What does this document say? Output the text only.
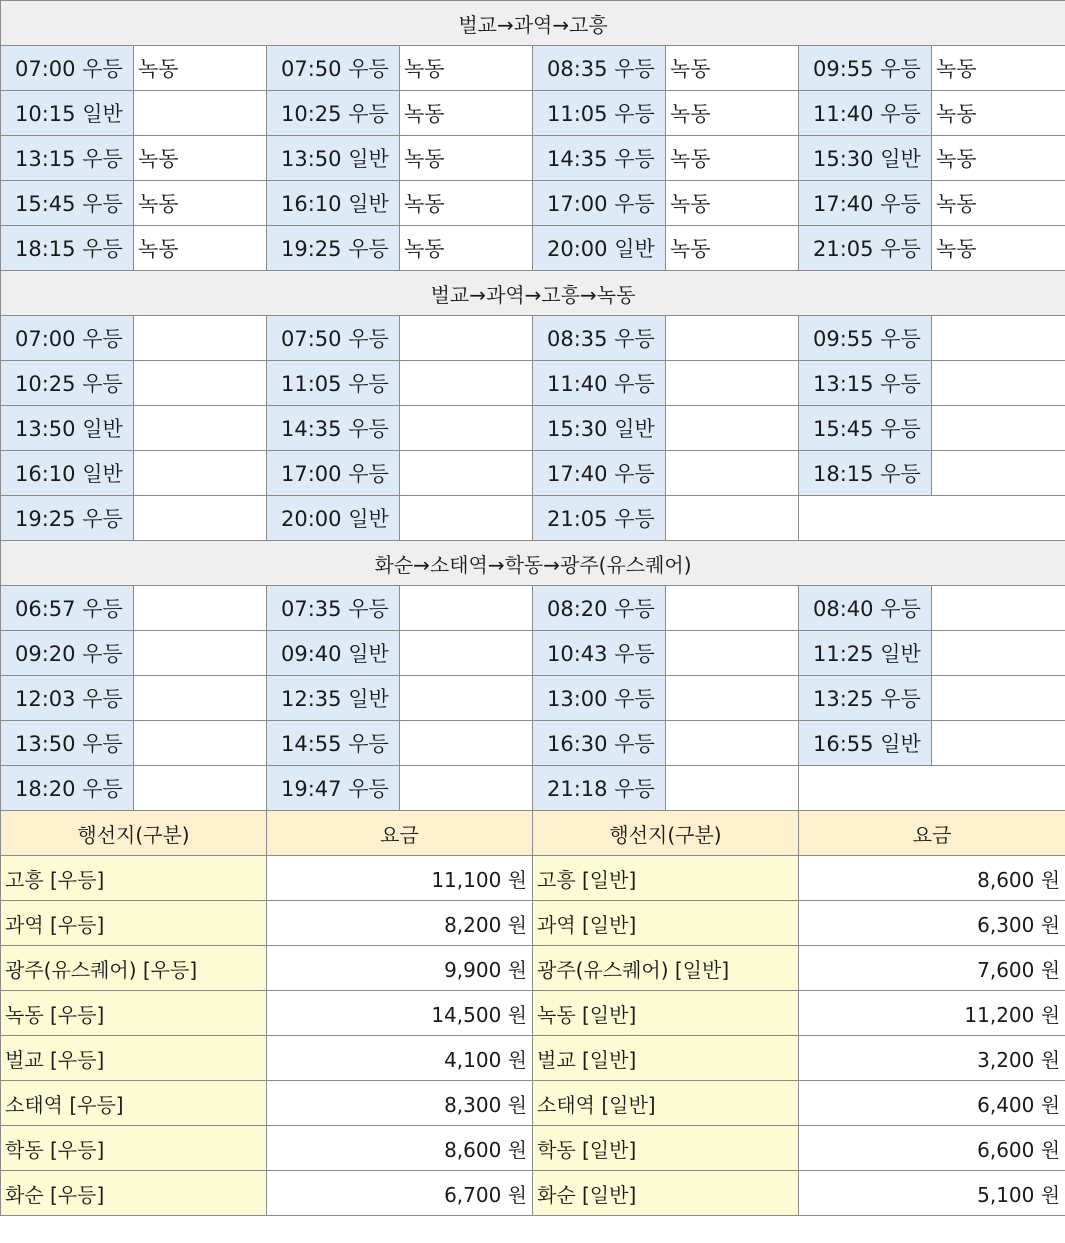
벌교→과역→고흥							
07:00 우등	녹동	07:50 우등	녹동	08:35 우등	녹동	09:55 우등	녹동
10:15 일반		10:25 우등	녹동	11:05 우등	녹동	11:40 우등	녹동
13:15 우등	녹동	13:50 일반	녹동	14:35 우등	녹동	15:30 일반	녹동
15:45 우등	녹동	16:10 일반	녹동	17:00 우등	녹동	17:40 우등	녹동
18:15 우등	녹동	19:25 우등	녹동	20:00 일반	녹동	21:05 우등	녹동
벌교→과역→고흥→녹동							
07:00 우등		07:50 우등		08:35 우등		09:55 우등	
10:25 우등		11:05 우등		11:40 우등		13:15 우등	
13:50 일반		14:35 우등		15:30 일반		15:45 우등	
16:10 일반		17:00 우등		17:40 우등		18:15 우등	
19:25 우등		20:00 일반		21:05 우등			
화순→소태역→학동→광주(유스퀘어)							
06:57 우등		07:35 우등		08:20 우등		08:40 우등	
09:20 우등		09:40 일반		10:43 우등		11:25 일반	
12:03 우등		12:35 일반		13:00 우등		13:25 우등	
13:50 우등		14:55 우등		16:30 우등		16:55 일반	
18:20 우등		19:47 우등		21:18 우등			
행선지(구분)		요금		행선지(구분)		요금	
고흥 [우등]		11,100 원		고흥 [일반]		8,600 원	
과역 [우등]		8,200 원		과역 [일반]		6,300 원	
광주(유스퀘어) [우등]		9,900 원		광주(유스퀘어) [일반]		7,600 원	
녹동 [우등]		14,500 원		녹동 [일반]		11,200 원	
벌교 [우등]		4,100 원		벌교 [일반]		3,200 원	
소태역 [우등]		8,300 원		소태역 [일반]		6,400 원	
학동 [우등]		8,600 원		학동 [일반]		6,600 원	
화순 [우등]		6,700 원		화순 [일반]		5,100 원	
